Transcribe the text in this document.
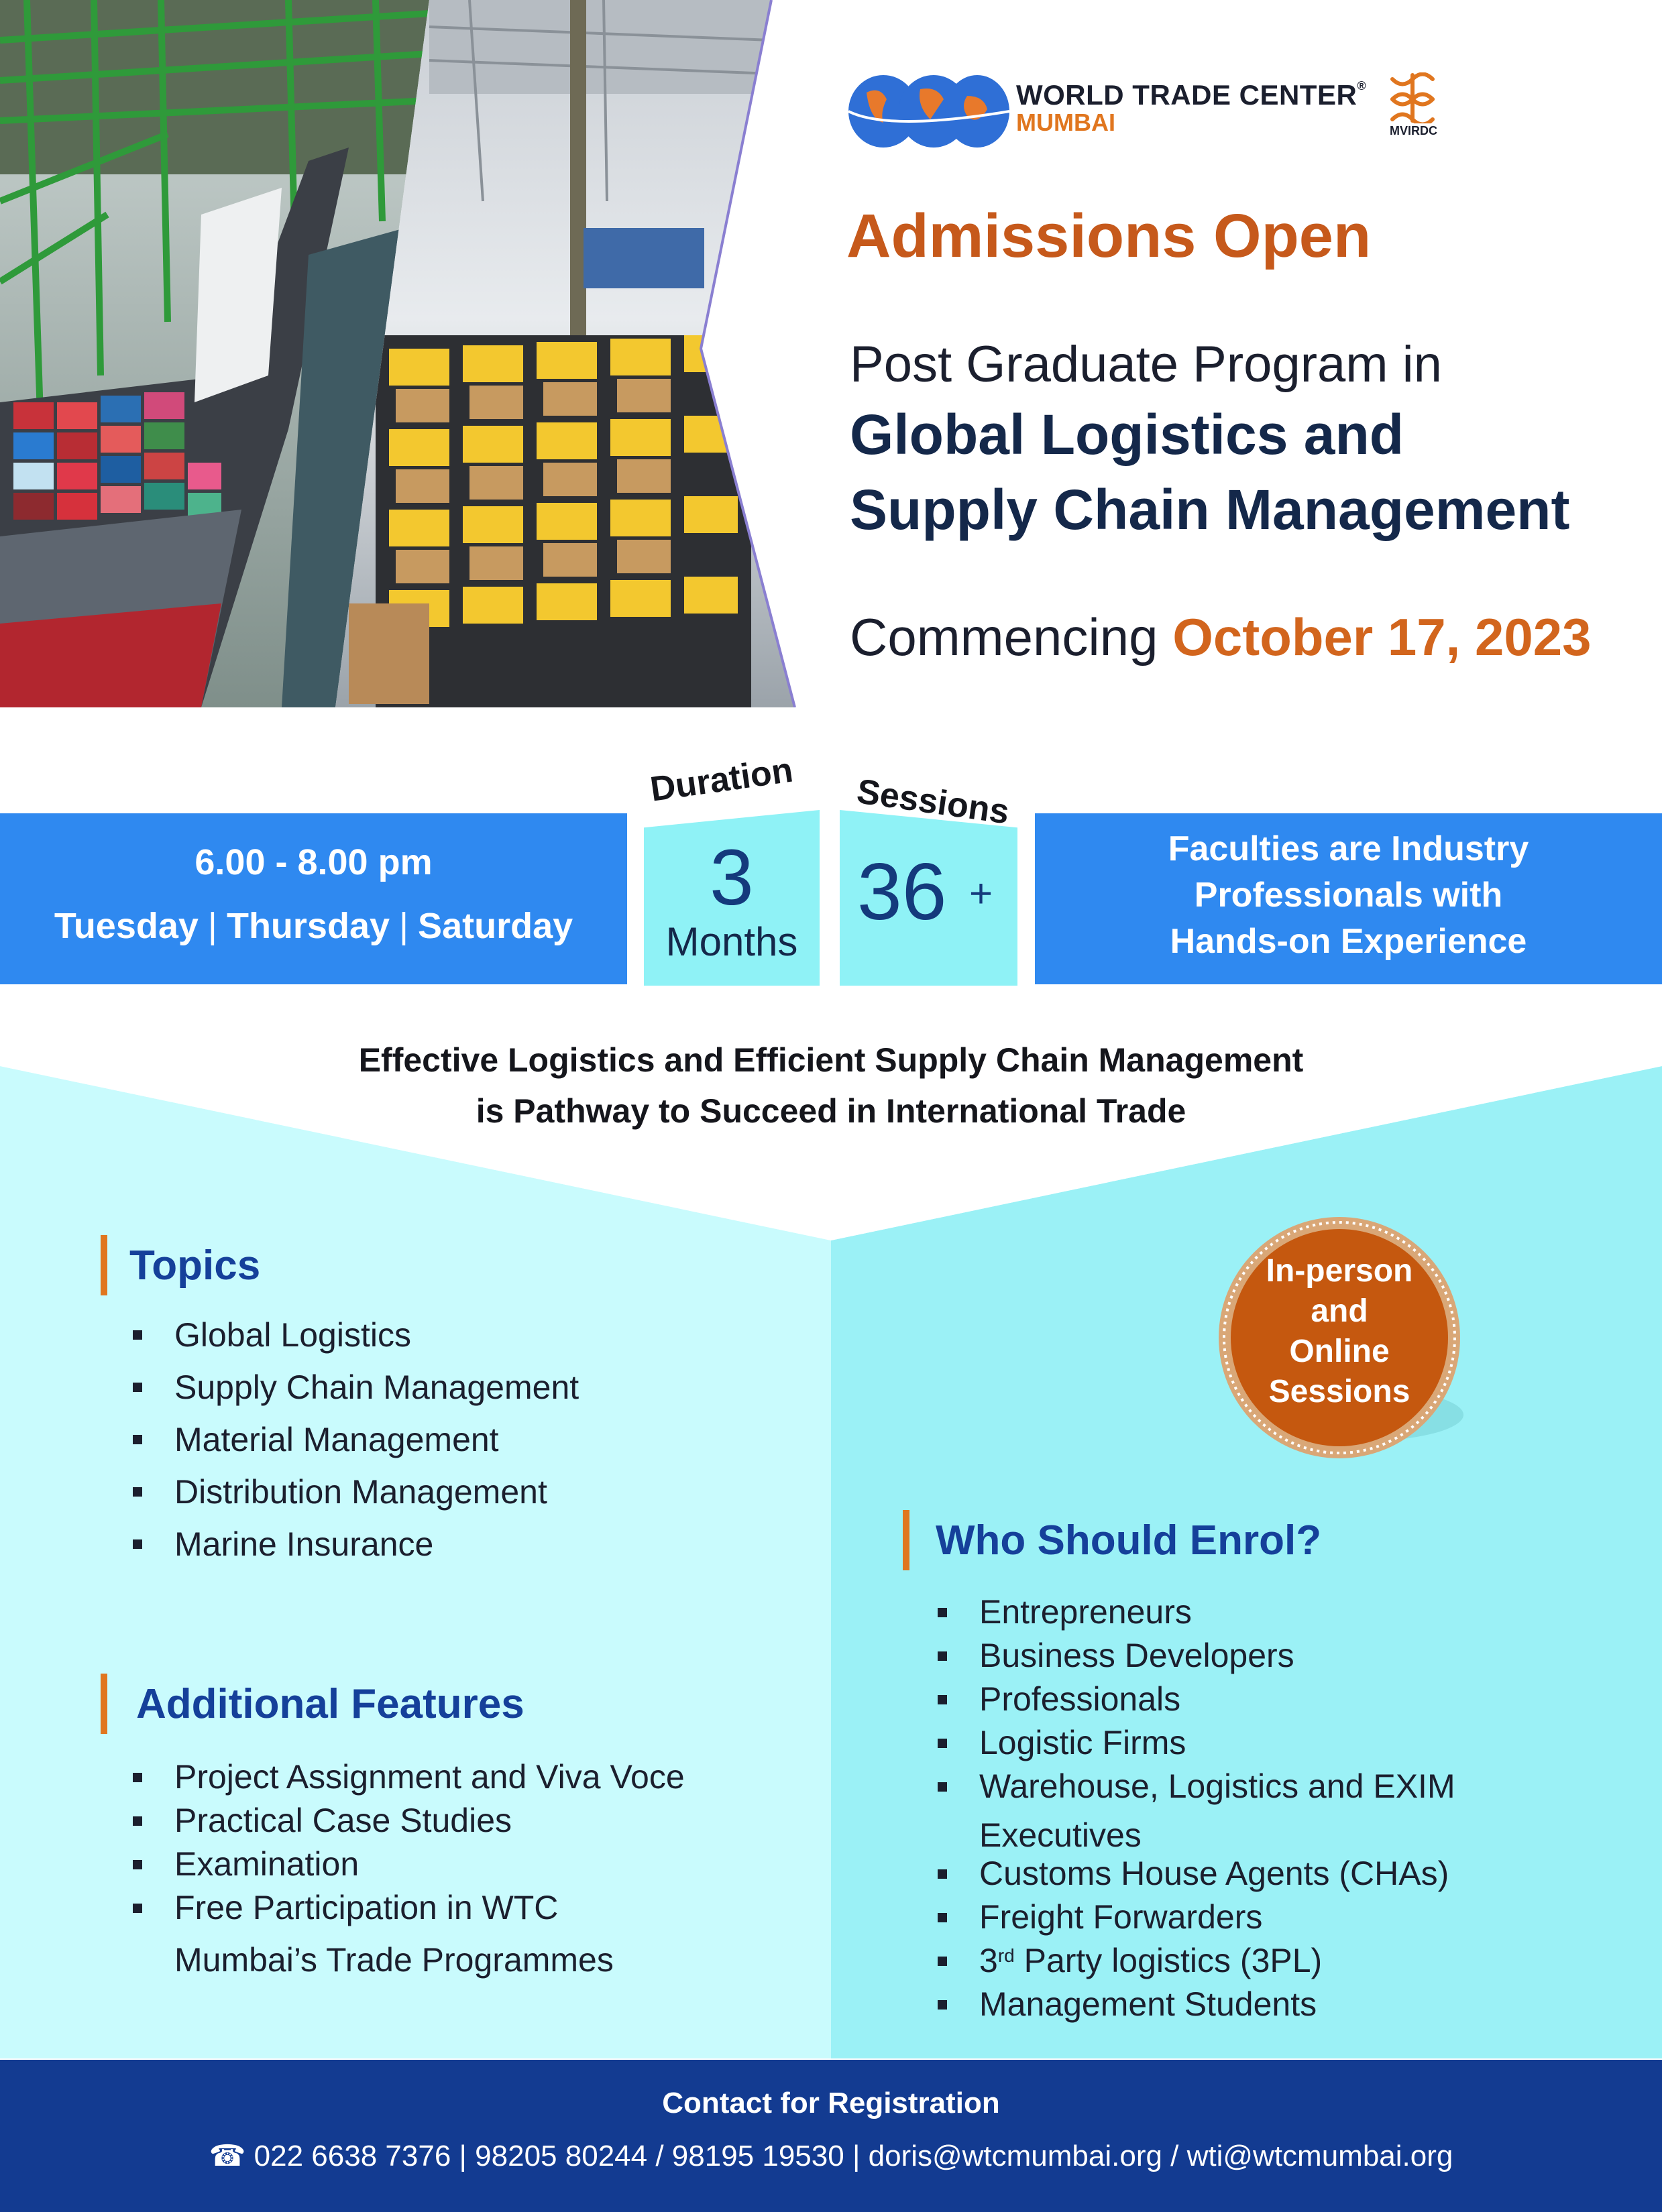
WORLD TRADE CENTER®
MUMBAI	MVIRDC
Admissions Open
Post Graduate Program in
Global Logistics and
Supply Chain Management
Commencing October 17, 2023
6.00 - 8.00 pm
Tuesday | Thursday | Saturday
Duration
3
Months
Sessions
36 +
Faculties are Industry
Professionals with
Hands-on Experience
Effective Logistics and Efficient Supply Chain Management
is Pathway to Succeed in International Trade
Topics
Global Logistics
Supply Chain Management
Material Management
Distribution Management
Marine Insurance
Additional Features
Project Assignment and Viva Voce
Practical Case Studies
Examination
Free Participation in WTC
Mumbai’s Trade Programmes
In-person
and
Online
Sessions
Who Should Enrol?
Entrepreneurs
Business Developers
Professionals
Logistic Firms
Warehouse, Logistics and EXIM
Executives
Customs House Agents (CHAs)
Freight Forwarders
3rd Party logistics (3PL)
Management Students
Contact for Registration
☎ 022 6638 7376 | 98205 80244 / 98195 19530 | doris@wtcmumbai.org / wti@wtcmumbai.org
